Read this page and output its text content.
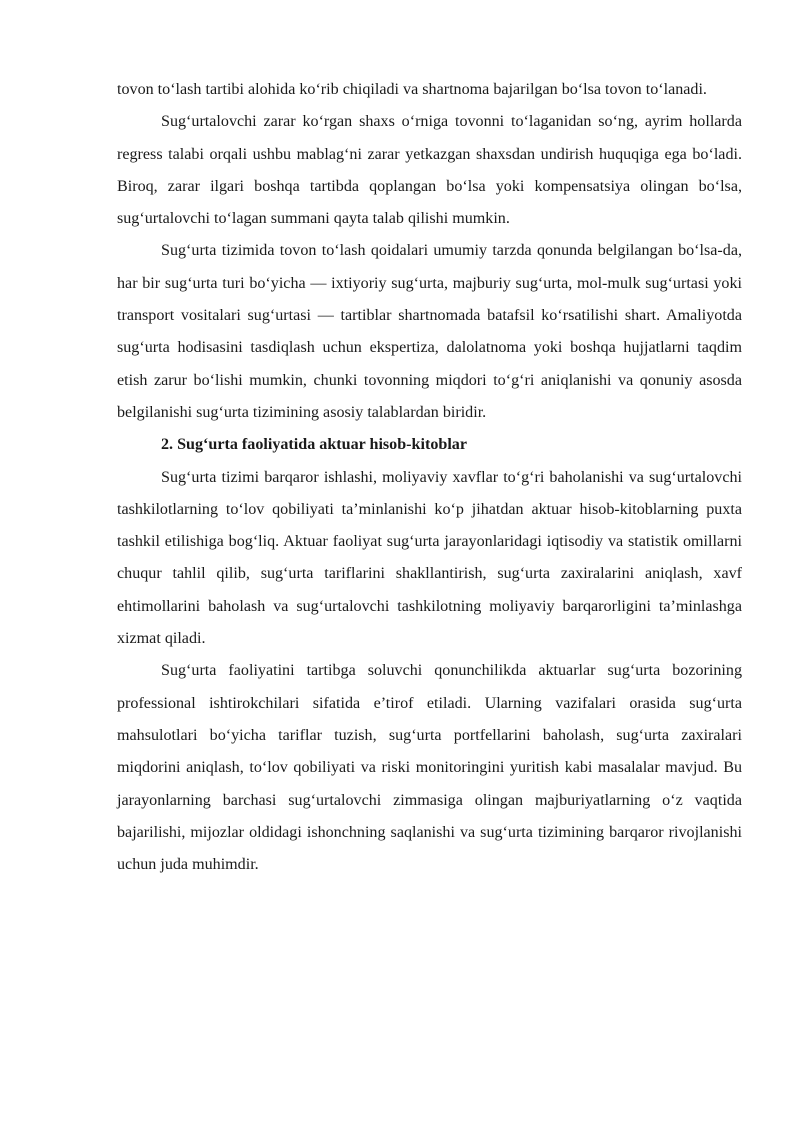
tovon to‘lash tartibi alohida ko‘rib chiqiladi va shartnoma bajarilgan bo‘lsa tovon to‘lanadi.

Sug‘urtalovchi zarar ko‘rgan shaxs o‘rniga tovonni to‘laganidan so‘ng, ayrim hollarda regress talabi orqali ushbu mablag‘ni zarar yetkazgan shaxsdan undirish huquqiga ega bo‘ladi. Biroq, zarar ilgari boshqa tartibda qoplangan bo‘lsa yoki kompensatsiya olingan bo‘lsa, sug‘urtalovchi to‘lagan summani qayta talab qilishi mumkin.

Sug‘urta tizimida tovon to‘lash qoidalari umumiy tarzda qonunda belgilangan bo‘lsa-da, har bir sug‘urta turi bo‘yicha — ixtiyoriy sug‘urta, majburiy sug‘urta, mol-mulk sug‘urtasi yoki transport vositalari sug‘urtasi — tartiblar shartnomada batafsil ko‘rsatilishi shart. Amaliyotda sug‘urta hodisasini tasdiqlash uchun ekspertiza, dalolatnoma yoki boshqa hujjatlarni taqdim etish zarur bo‘lishi mumkin, chunki tovonning miqdori to‘g‘ri aniqlanishi va qonuniy asosda belgilanishi sug‘urta tizimining asosiy talablardan biridir.

2. Sug‘urta faoliyatida aktuar hisob-kitoblar

Sug‘urta tizimi barqaror ishlashi, moliyaviy xavflar to‘g‘ri baholanishi va sug‘urtalovchi tashkilotlarning to‘lov qobiliyati ta’minlanishi ko‘p jihatdan aktuar hisob-kitoblarning puxta tashkil etilishiga bog‘liq. Aktuar faoliyat sug‘urta jarayonlaridagi iqtisodiy va statistik omillarni chuqur tahlil qilib, sug‘urta tariflarini shakllantirish, sug‘urta zaxiralarini aniqlash, xavf ehtimollarini baholash va sug‘urtalovchi tashkilotning moliyaviy barqarorligini ta’minlashga xizmat qiladi.

Sug‘urta faoliyatini tartibga soluvchi qonunchilikda aktuarlar sug‘urta bozorining professional ishtirokchilari sifatida e’tirof etiladi. Ularning vazifalari orasida sug‘urta mahsulotlari bo‘yicha tariflar tuzish, sug‘urta portfellarini baholash, sug‘urta zaxiralari miqdorini aniqlash, to‘lov qobiliyati va riski monitoringini yuritish kabi masalalar mavjud. Bu jarayonlarning barchasi sug‘urtalovchi zimmasiga olingan majburiyatlarning o‘z vaqtida bajarilishi, mijozlar oldidagi ishonchning saqlanishi va sug‘urta tizimining barqaror rivojlanishi uchun juda muhimdir.
